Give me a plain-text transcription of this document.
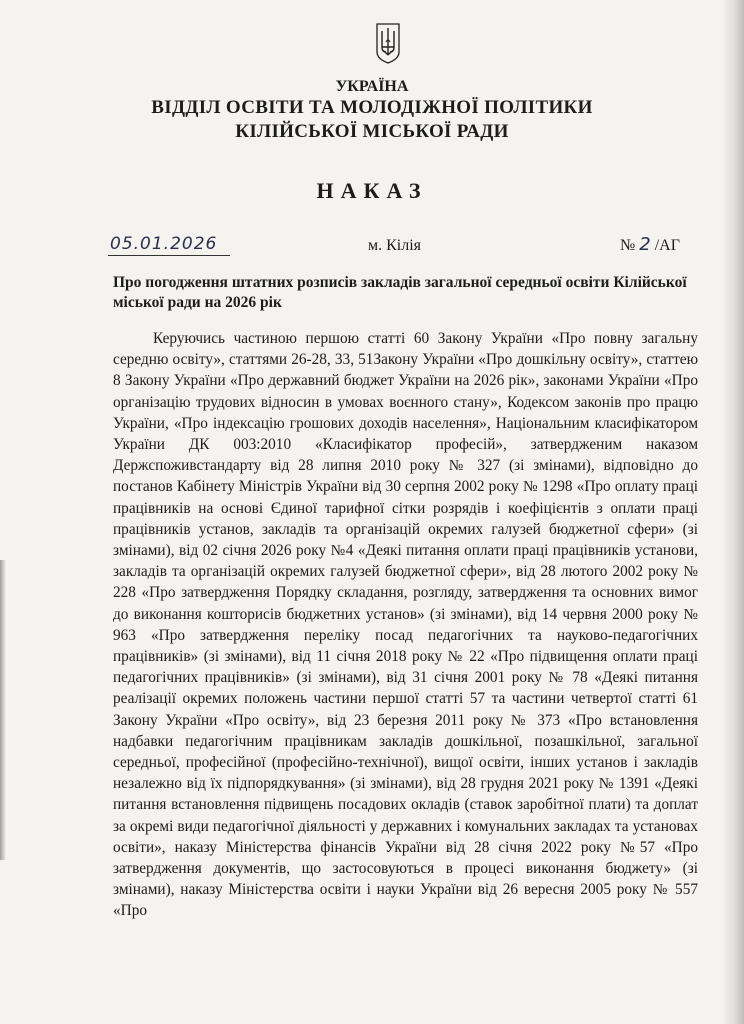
УКРАЇНА
ВІДДІЛ ОСВІТИ ТА МОЛОДІЖНОЇ ПОЛІТИКИ
КІЛІЙСЬКОЇ МІСЬКОЇ РАДИ
НАКАЗ
05.01.2026	м. Кілія	№ 2 /АГ

Про погодження штатних розписів закладів загальної середньої освіти Кілійської міської ради на 2026 рік

Керуючись частиною першою статті 60 Закону України «Про повну загальну середню освіту», статтями 26-28, 33, 51Закону України «Про дошкільну освіту», статтею 8 Закону України «Про державний бюджет України на 2026 рік», законами України «Про організацію трудових відносин в умовах воєнного стану», Кодексом законів про працю України, «Про індексацію грошових доходів населення», Національним класифікатором України ДК 003:2010 «Класифікатор професій», затвердженим наказом Держспоживстандарту від 28 липня 2010 року № 327 (зі змінами), відповідно до постанов Кабінету Міністрів України від 30 серпня 2002 року № 1298 «Про оплату праці працівників на основі Єдиної тарифної сітки розрядів і коефіцієнтів з оплати праці працівників установ, закладів та організацій окремих галузей бюджетної сфери» (зі змінами), від 02 січня 2026 року №4 «Деякі питання оплати праці працівників установи, закладів та організацій окремих галузей бюджетної сфери», від 28 лютого 2002 року № 228 «Про затвердження Порядку складання, розгляду, затвердження та основних вимог до виконання кошторисів бюджетних установ» (зі змінами), від 14 червня 2000 року № 963 «Про затвердження переліку посад педагогічних та науково-педагогічних працівників» (зі змінами), від 11 січня 2018 року № 22 «Про підвищення оплати праці педагогічних працівників» (зі змінами), від 31 січня 2001 року № 78 «Деякі питання реалізації окремих положень частини першої статті 57 та частини четвертої статті 61 Закону України «Про освіту», від 23 березня 2011 року № 373 «Про встановлення надбавки педагогічним працівникам закладів дошкільної, позашкільної, загальної середньої, професійної (професійно-технічної), вищої освіти, інших установ і закладів незалежно від їх підпорядкування» (зі змінами), від 28 грудня 2021 року № 1391 «Деякі питання встановлення підвищень посадових окладів (ставок заробітної плати) та доплат за окремі види педагогічної діяльності у державних і комунальних закладах та установах освіти», наказу Міністерства фінансів України від 28 січня 2022 року №57 «Про затвердження документів, що застосовуються в процесі виконання бюджету» (зі змінами), наказу Міністерства освіти і науки України від 26 вересня 2005 року № 557 «Про
